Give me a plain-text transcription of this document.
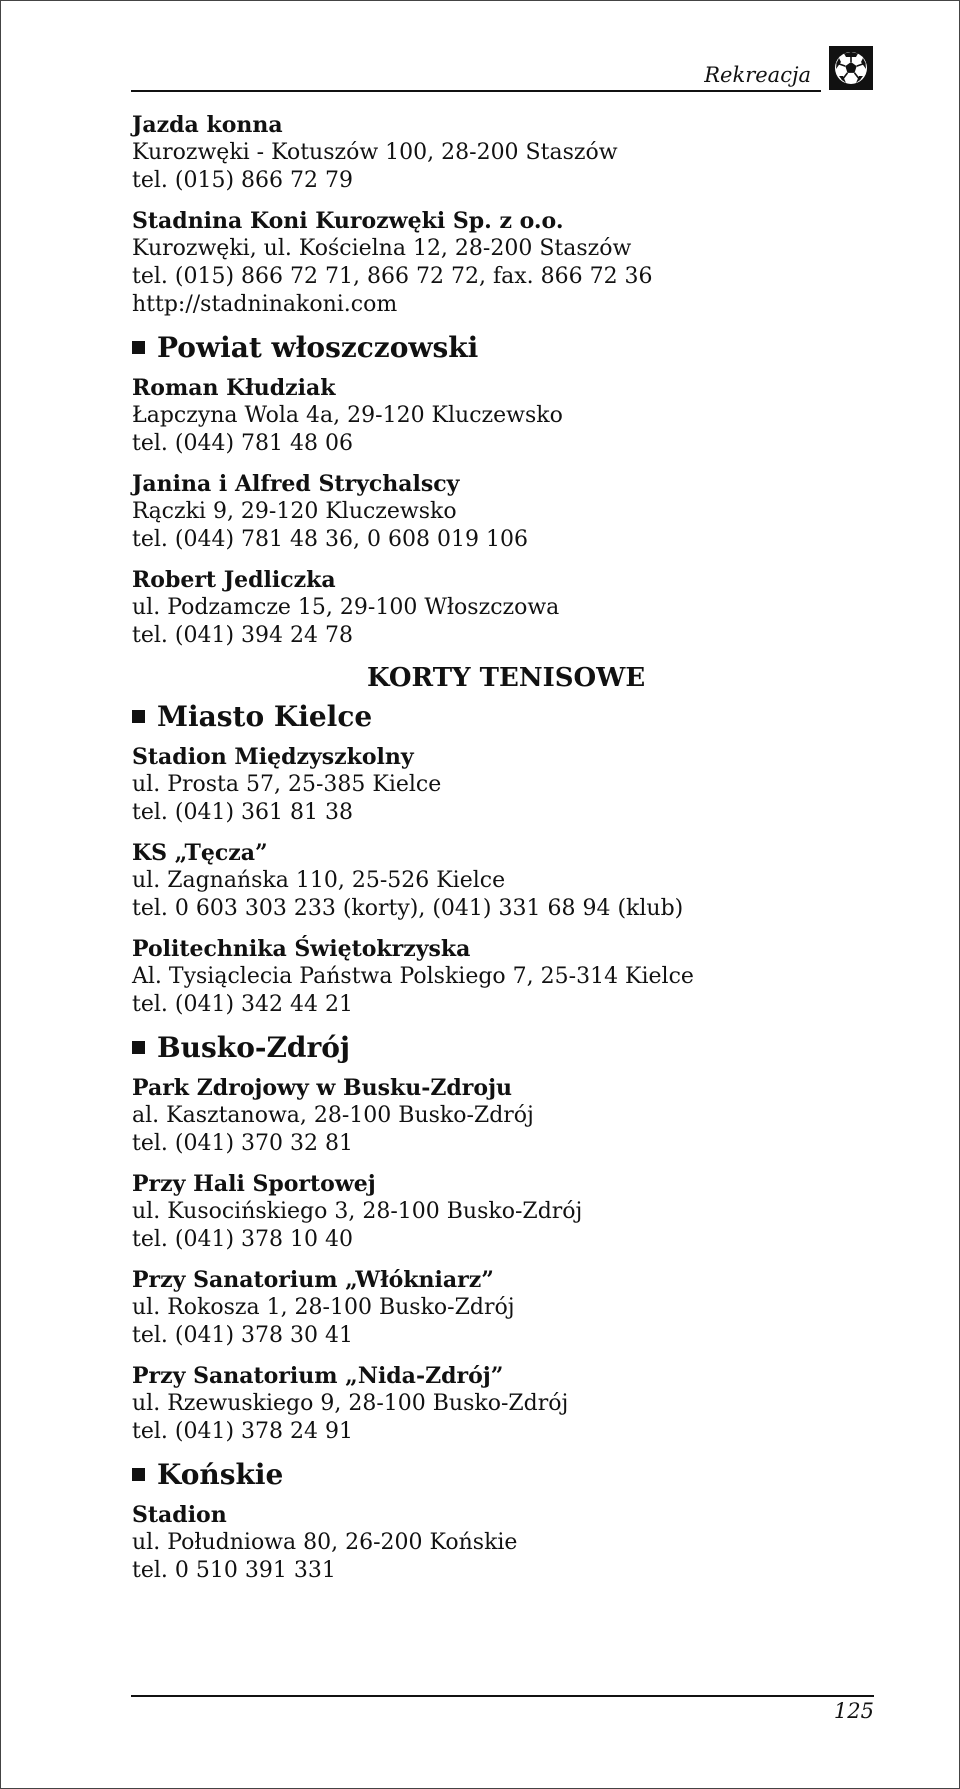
Rekreacja
Jazda konna
Kurozwęki - Kotuszów 100, 28-200 Staszów
tel. (015) 866 72 79
Stadnina Koni Kurozwęki Sp. z o.o.
Kurozwęki, ul. Kościelna 12, 28-200 Staszów
tel. (015) 866 72 71, 866 72 72, fax. 866 72 36
http://stadninakoni.com
Powiat włoszczowski
Roman Kłudziak
Łapczyna Wola 4a, 29-120 Kluczewsko
tel. (044) 781 48 06
Janina i Alfred Strychalscy
Rączki 9, 29-120 Kluczewsko
tel. (044) 781 48 36, 0 608 019 106
Robert Jedliczka
ul. Podzamcze 15, 29-100 Włoszczowa
tel. (041) 394 24 78
KORTY TENISOWE
Miasto Kielce
Stadion Międzyszkolny
ul. Prosta 57, 25-385 Kielce
tel. (041) 361 81 38
KS „Tęcza”
ul. Zagnańska 110, 25-526 Kielce
tel. 0 603 303 233 (korty), (041) 331 68 94 (klub)
Politechnika Świętokrzyska
Al. Tysiąclecia Państwa Polskiego 7, 25-314 Kielce
tel. (041) 342 44 21
Busko-Zdrój
Park Zdrojowy w Busku-Zdroju
al. Kasztanowa, 28-100 Busko-Zdrój
tel. (041) 370 32 81
Przy Hali Sportowej
ul. Kusocińskiego 3, 28-100 Busko-Zdrój
tel. (041) 378 10 40
Przy Sanatorium „Włókniarz”
ul. Rokosza 1, 28-100 Busko-Zdrój
tel. (041) 378 30 41
Przy Sanatorium „Nida-Zdrój”
ul. Rzewuskiego 9, 28-100 Busko-Zdrój
tel. (041) 378 24 91
Końskie
Stadion
ul. Południowa 80, 26-200 Końskie
tel. 0 510 391 331
125
